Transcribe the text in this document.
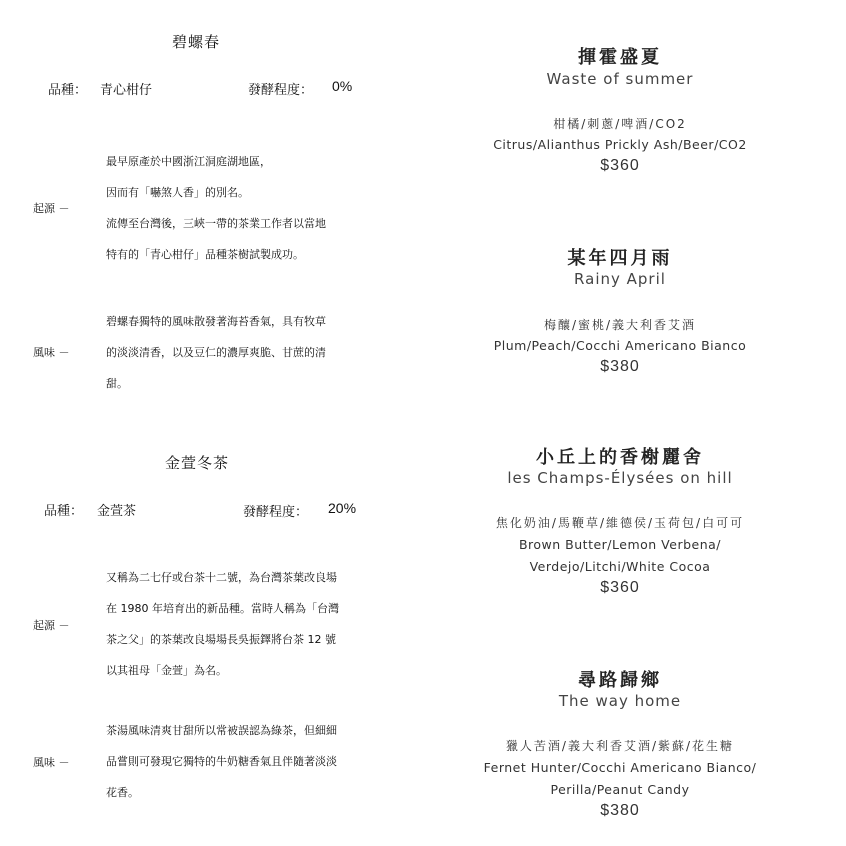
碧螺春
品種： 青心柑仔	發酵程度： 0%
起源 －
最早原產於中國浙江洞庭湖地區，
因而有「嚇煞人香」的別名。
流傳至台灣後，三峽一帶的茶業工作者以當地
特有的「青心柑仔」品種茶樹試製成功。
風味 －
碧螺春獨特的風味散發著海苔香氣，具有牧草
的淡淡清香，以及豆仁的濃厚爽脆、甘蔗的清
甜。
金萱冬茶
品種： 金萱茶	發酵程度： 20%
起源 －
又稱為二七仔或台茶十二號，為台灣茶葉改良場
在 1980 年培育出的新品種。當時人稱為「台灣
茶之父」的茶葉改良場場長吳振鐸將台茶 12 號
以其祖母「金萱」為名。
風味 －
茶湯風味清爽甘甜所以常被誤認為綠茶，但細細
品嘗則可發現它獨特的牛奶糖香氣且伴隨著淡淡
花香。
揮霍盛夏
Waste of summer
柑橘/刺蔥/啤酒/CO2
Citrus/Alianthus Prickly Ash/Beer/CO2
$360
某年四月雨
Rainy April
梅釀/蜜桃/義大利香艾酒
Plum/Peach/Cocchi Americano Bianco
$380
小丘上的香榭麗舍
les Champs-Élysées on hill
焦化奶油/馬鞭草/維德侯/玉荷包/白可可
Brown Butter/Lemon Verbena/
Verdejo/Litchi/White Cocoa
$360
尋路歸鄉
The way home
獵人苦酒/義大利香艾酒/紫蘇/花生糖
Fernet Hunter/Cocchi Americano Bianco/
Perilla/Peanut Candy
$380
